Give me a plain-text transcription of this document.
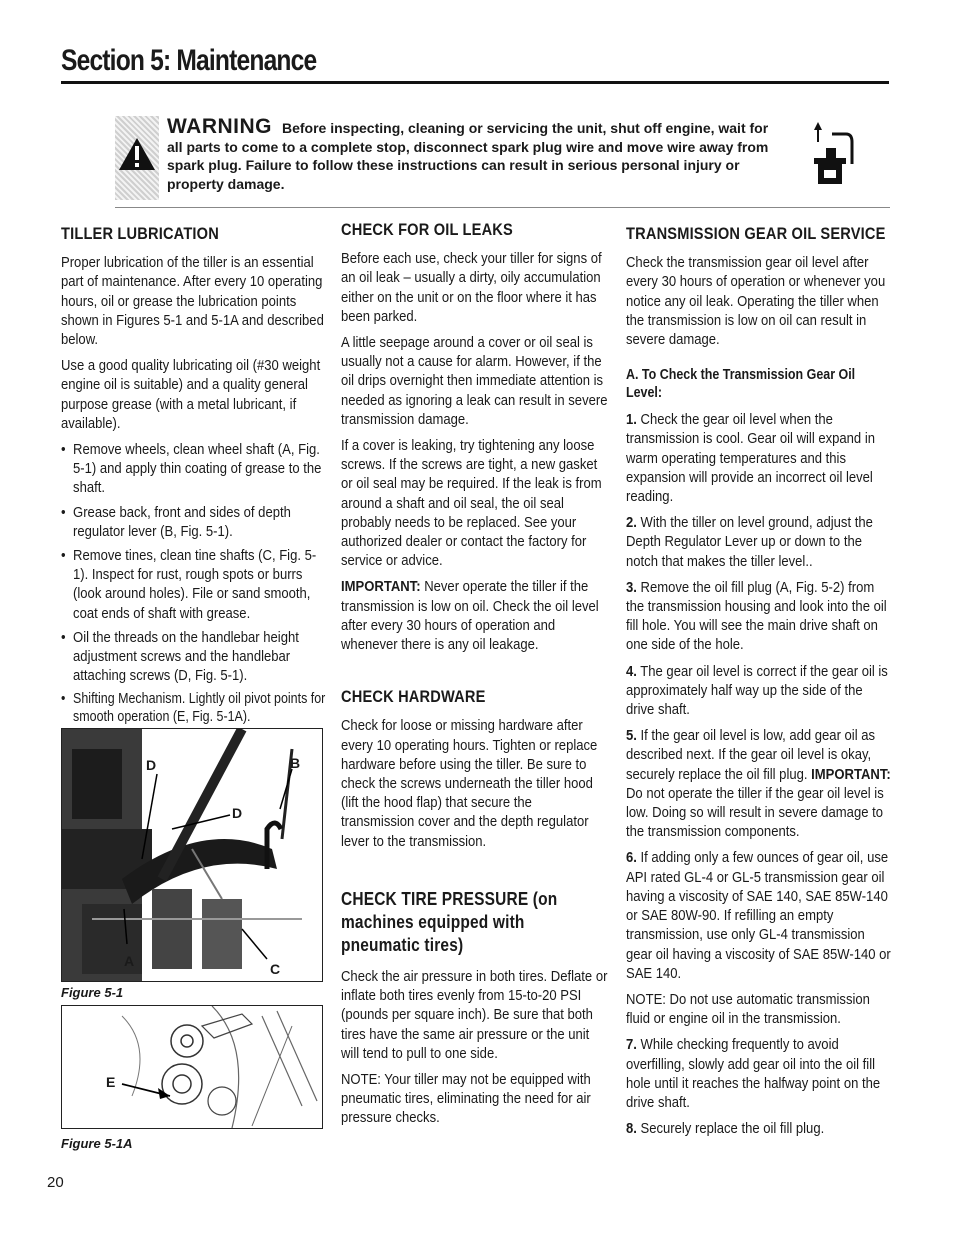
Section 5: Maintenance
WARNING Before inspecting, cleaning or servicing the unit, shut off engine, wait for all parts to come to a complete stop, disconnect spark plug wire and move wire away from spark plug. Failure to follow these instructions can result in serious personal injury or property damage.
TILLER LUBRICATION

Proper lubrication of the tiller is an essential part of maintenance. After every 10 operating hours, oil or grease the lubrication points shown in Figures 5-1 and 5-1A and described below.

Use a good quality lubricating oil (#30 weight engine oil is suitable) and a quality general purpose grease (with a metal lubricant, if available).

• Remove wheels, clean wheel shaft (A, Fig. 5-1) and apply thin coating of grease to the shaft.
• Grease back, front and sides of depth regulator lever (B, Fig. 5-1).
• Remove tines, clean tine shafts (C, Fig. 5-1). Inspect for rust, rough spots or burrs (look around holes). File or sand smooth, coat ends of shaft with grease.
• Oil the threads on the handlebar height adjustment screws and the handlebar attaching screws (D, Fig. 5-1).
• Shifting Mechanism. Lightly oil pivot points for smooth operation (E, Fig. 5-1A).
D	B
D
A	C
Figure 5-1
E
Figure 5-1A
CHECK FOR OIL LEAKS

Before each use, check your tiller for signs of an oil leak – usually a dirty, oily accumulation either on the unit or on the floor where it has been parked.

A little seepage around a cover or oil seal is usually not a cause for alarm. However, if the oil drips overnight then immediate attention is needed as ignoring a leak can result in severe transmission damage.

If a cover is leaking, try tightening any loose screws. If the screws are tight, a new gasket or oil seal may be required. If the leak is from around a shaft and oil seal, the oil seal probably needs to be replaced. See your authorized dealer or contact the factory for service or advice.

IMPORTANT: Never operate the tiller if the transmission is low on oil. Check the oil level after every 30 hours of operation and whenever there is any oil leakage.

CHECK HARDWARE

Check for loose or missing hardware after every 10 operating hours. Tighten or replace hardware before using the tiller. Be sure to check the screws underneath the tiller hood (lift the hood flap) that secure the transmission cover and the depth regulator lever to the transmission.

CHECK TIRE PRESSURE (on machines equipped with pneumatic tires)

Check the air pressure in both tires. Deflate or inflate both tires evenly from 15-to-20 PSI (pounds per square inch). Be sure that both tires have the same air pressure or the unit will tend to pull to one side.

NOTE: Your tiller may not be equipped with pneumatic tires, eliminating the need for air pressure checks.

TRANSMISSION GEAR OIL SERVICE

Check the transmission gear oil level after every 30 hours of operation or whenever you notice any oil leak. Operating the tiller when the transmission is low on oil can result in severe damage.

A. To Check the Transmission Gear Oil Level:

1. Check the gear oil level when the transmission is cool. Gear oil will expand in warm operating temperatures and this expansion will provide an incorrect oil level reading.

2. With the tiller on level ground, adjust the Depth Regulator Lever up or down to the notch that makes the tiller level..

3. Remove the oil fill plug (A, Fig. 5-2) from the transmission housing and look into the oil fill hole. You will see the main drive shaft on one side of the hole.

4. The gear oil level is correct if the gear oil is approximately half way up the side of the drive shaft.

5. If the gear oil level is low, add gear oil as described next. If the gear oil level is okay, securely replace the oil fill plug. IMPORTANT: Do not operate the tiller if the gear oil level is low. Doing so will result in severe damage to the transmission components.

6. If adding only a few ounces of gear oil, use API rated GL-4 or GL-5 transmission gear oil having a viscosity of SAE 140, SAE 85W-140 or SAE 80W-90. If refilling an empty transmission, use only GL-4 transmission gear oil having a viscosity of SAE 85W-140 or SAE 140.

NOTE: Do not use automatic transmission fluid or engine oil in the transmission.

7. While checking frequently to avoid overfilling, slowly add gear oil into the oil fill hole until it reaches the halfway point on the drive shaft.

8. Securely replace the oil fill plug.

20
